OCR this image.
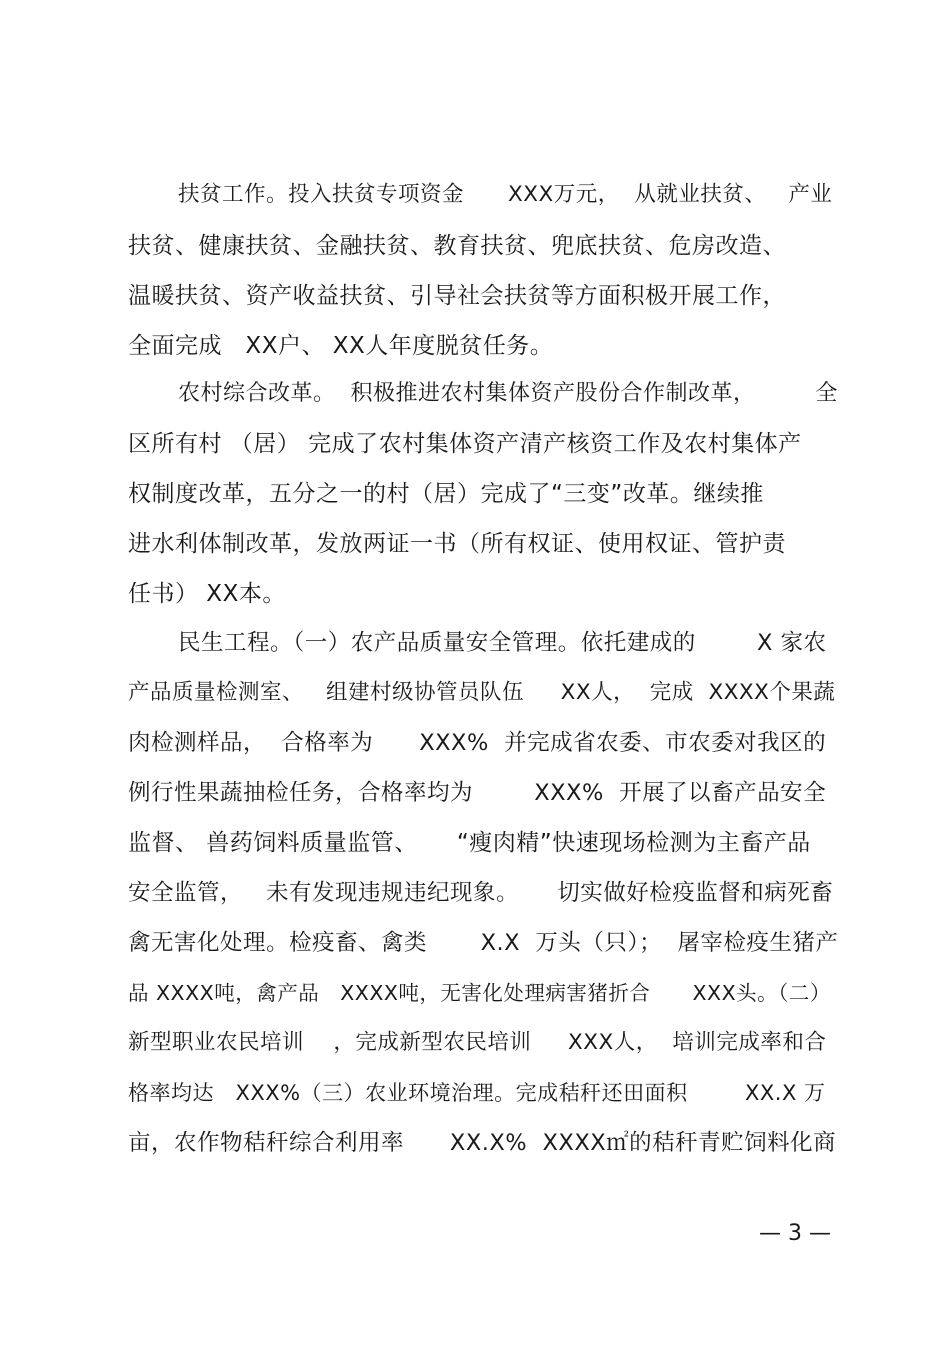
扶贫工作。投入扶贫专项资金      XXX万元，  从就业扶贫、   产业
扶贫、健康扶贫、金融扶贫、教育扶贫、兜底扶贫、危房改造、
温暖扶贫、资产收益扶贫、引导社会扶贫等方面积极开展工作，
全面完成   XX户、 XX人年度脱贫任务。
农村综合改革。  积极推进农村集体资产股份合作制改革，        全
区所有村 （居） 完成了农村集体资产清产核资工作及农村集体产
权制度改革，五分之一的村（居）完成了“三变”改革。继续推
进水利体制改革，发放两证一书（所有权证、使用权证、管护责
任书） XX本。
民生工程。（一）农产品质量安全管理。依托建成的        X 家农
产品质量检测室、   组建村级协管员队伍     XX人，  完成  XXXX个果蔬
肉检测样品，  合格率为      XXX%  并完成省农委、市农委对我区的
例行性果蔬抽检任务，合格率均为        XXX%  开展了以畜产品安全
监督、 兽药饲料质量监管、     “瘦肉精”快速现场检测为主畜产品
安全监管，   未有发现违规违纪现象。     切实做好检疫监督和病死畜
禽无害化处理。检疫畜、禽类       X.X  万头（只）；  屠宰检疫生猪产
品 XXXX吨，禽产品   XXXX吨，无害化处理病害猪折合      XXX头。（二）
新型职业农民培训    ，完成新型农民培训     XXX人，  培训完成率和合
格率均达   XXX%（三）农业环境治理。完成秸秆还田面积        XX.X 万
亩，农作物秸秆综合利用率      XX.X%  XXXX㎡的秸秆青贮饲料化商
— 3 —
